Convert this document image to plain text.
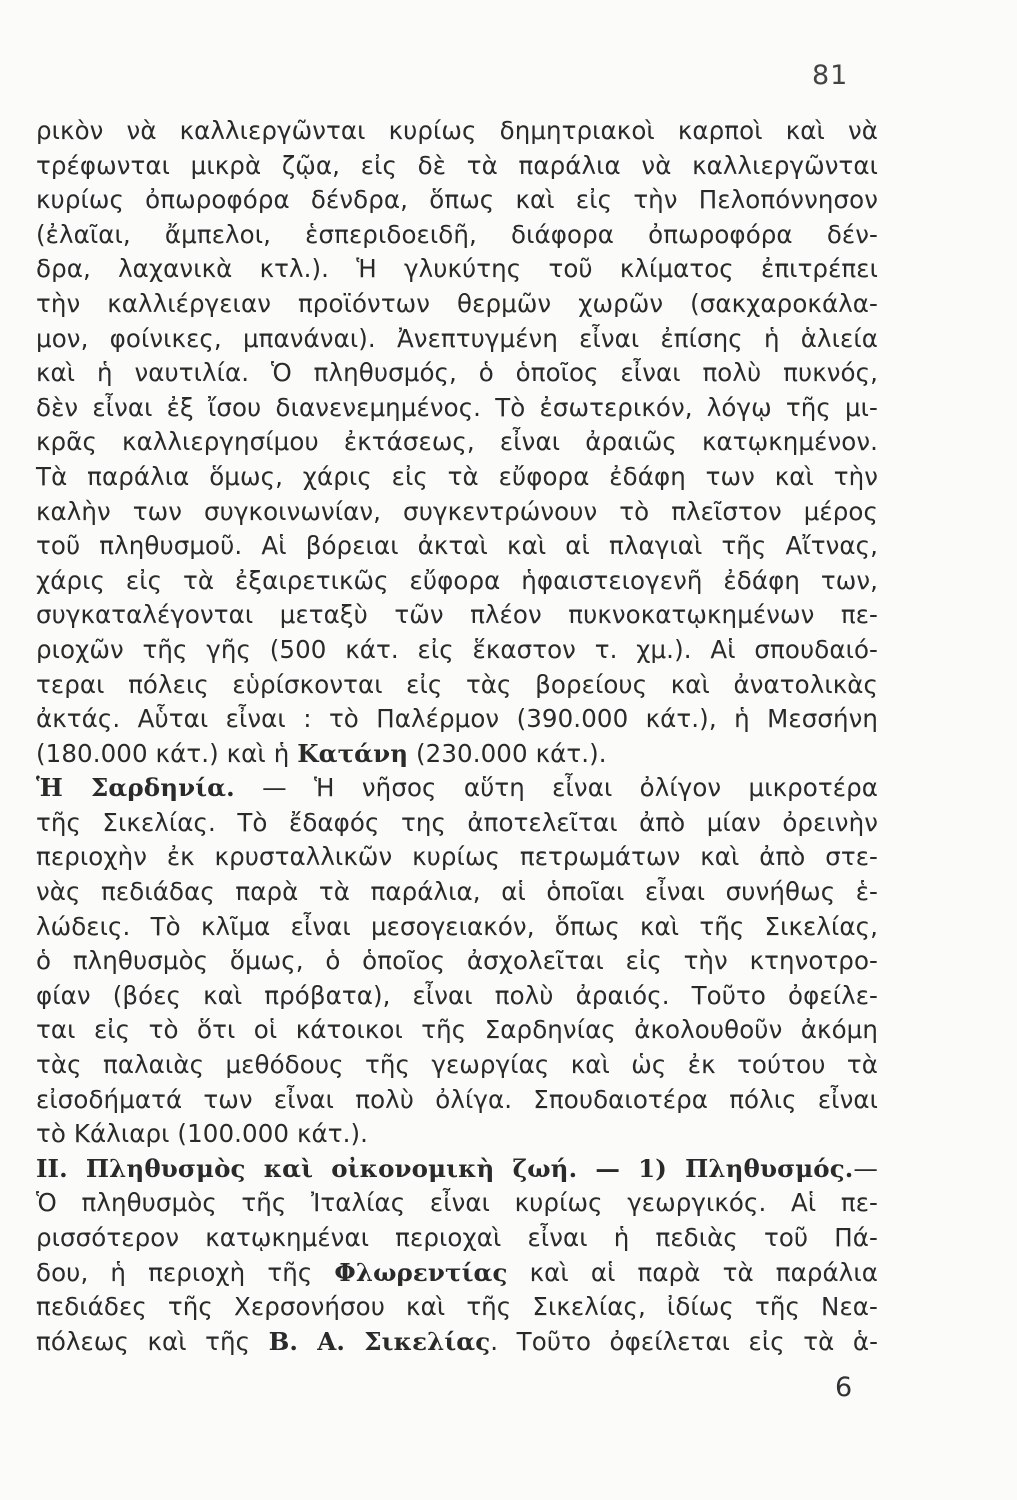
81
ρικὸν νὰ καλλιεργῶνται κυρίως δημητριακοὶ καρποὶ καὶ νὰ
τρέφωνται μικρὰ ζῷα, εἰς δὲ τὰ παράλια νὰ καλλιεργῶνται
κυρίως ὀπωροφόρα δένδρα, ὅπως καὶ εἰς τὴν Πελοπόννησον
(ἐλαῖαι, ἄμπελοι, ἑσπεριδοειδῆ, διάφορα ὀπωροφόρα δέν-
δρα, λαχανικὰ κτλ.). Ἡ γλυκύτης τοῦ κλίματος ἐπιτρέπει
τὴν καλλιέργειαν προϊόντων θερμῶν χωρῶν (σακχαροκάλα-
μον, φοίνικες, μπανάναι). Ἀνεπτυγμένη εἶναι ἐπίσης ἡ ἁλιεία
καὶ ἡ ναυτιλία. Ὁ πληθυσμός, ὁ ὁποῖος εἶναι πολὺ πυκνός,
δὲν εἶναι ἐξ ἴσου διανενεμημένος. Τὸ ἐσωτερικόν, λόγῳ τῆς μι-
κρᾶς καλλιεργησίμου ἐκτάσεως, εἶναι ἀραιῶς κατῳκημένον.
Τὰ παράλια ὅμως, χάρις εἰς τὰ εὔφορα ἐδάφη των καὶ τὴν
καλὴν των συγκοινωνίαν, συγκεντρώνουν τὸ πλεῖστον μέρος
τοῦ πληθυσμοῦ. Αἱ βόρειαι ἀκταὶ καὶ αἱ πλαγιαὶ τῆς Αἴτνας,
χάρις εἰς τὰ ἐξαιρετικῶς εὔφορα ἡφαιστειογενῆ ἐδάφη των,
συγκαταλέγονται μεταξὺ τῶν πλέον πυκνοκατῳκημένων πε-
ριοχῶν τῆς γῆς (500 κάτ. εἰς ἕκαστον τ. χμ.). Αἱ σπουδαιό-
τεραι πόλεις εὑρίσκονται εἰς τὰς βορείους καὶ ἀνατολικὰς
ἀκτάς. Αὗται εἶναι : τὸ Παλέρμον (390.000 κάτ.), ἡ Μεσσήνη
(180.000 κάτ.) καὶ ἡ Κατάνη (230.000 κάτ.).
Ἡ Σαρδηνία. — Ἡ νῆσος αὕτη εἶναι ὀλίγον μικροτέρα
τῆς Σικελίας. Τὸ ἔδαφός της ἀποτελεῖται ἀπὸ μίαν ὀρεινὴν
περιοχὴν ἐκ κρυσταλλικῶν κυρίως πετρωμάτων καὶ ἀπὸ στε-
νὰς πεδιάδας παρὰ τὰ παράλια, αἱ ὁποῖαι εἶναι συνήθως ἑ-
λώδεις. Τὸ κλῖμα εἶναι μεσογειακόν, ὅπως καὶ τῆς Σικελίας,
ὁ πληθυσμὸς ὅμως, ὁ ὁποῖος ἀσχολεῖται εἰς τὴν κτηνοτρο-
φίαν (βόες καὶ πρόβατα), εἶναι πολὺ ἀραιός. Τοῦτο ὀφείλε-
ται εἰς τὸ ὅτι οἱ κάτοικοι τῆς Σαρδηνίας ἀκολουθοῦν ἀκόμη
τὰς παλαιὰς μεθόδους τῆς γεωργίας καὶ ὡς ἐκ τούτου τὰ
εἰσοδήματά των εἶναι πολὺ ὀλίγα. Σπουδαιοτέρα πόλις εἶναι
τὸ Κάλιαρι (100.000 κάτ.).
ΙΙ. Πληθυσμὸς καὶ οἰκονομικὴ ζωή. — 1) Πληθυσμός.—
Ὁ πληθυσμὸς τῆς Ἰταλίας εἶναι κυρίως γεωργικός. Αἱ πε-
ρισσότερον κατῳκημέναι περιοχαὶ εἶναι ἡ πεδιὰς τοῦ Πά-
δου, ἡ περιοχὴ τῆς Φλωρεντίας καὶ αἱ παρὰ τὰ παράλια
πεδιάδες τῆς Χερσονήσου καὶ τῆς Σικελίας, ἰδίως τῆς Νεα-
πόλεως καὶ τῆς Β. Α. Σικελίας. Τοῦτο ὀφείλεται εἰς τὰ ἁ-
6
